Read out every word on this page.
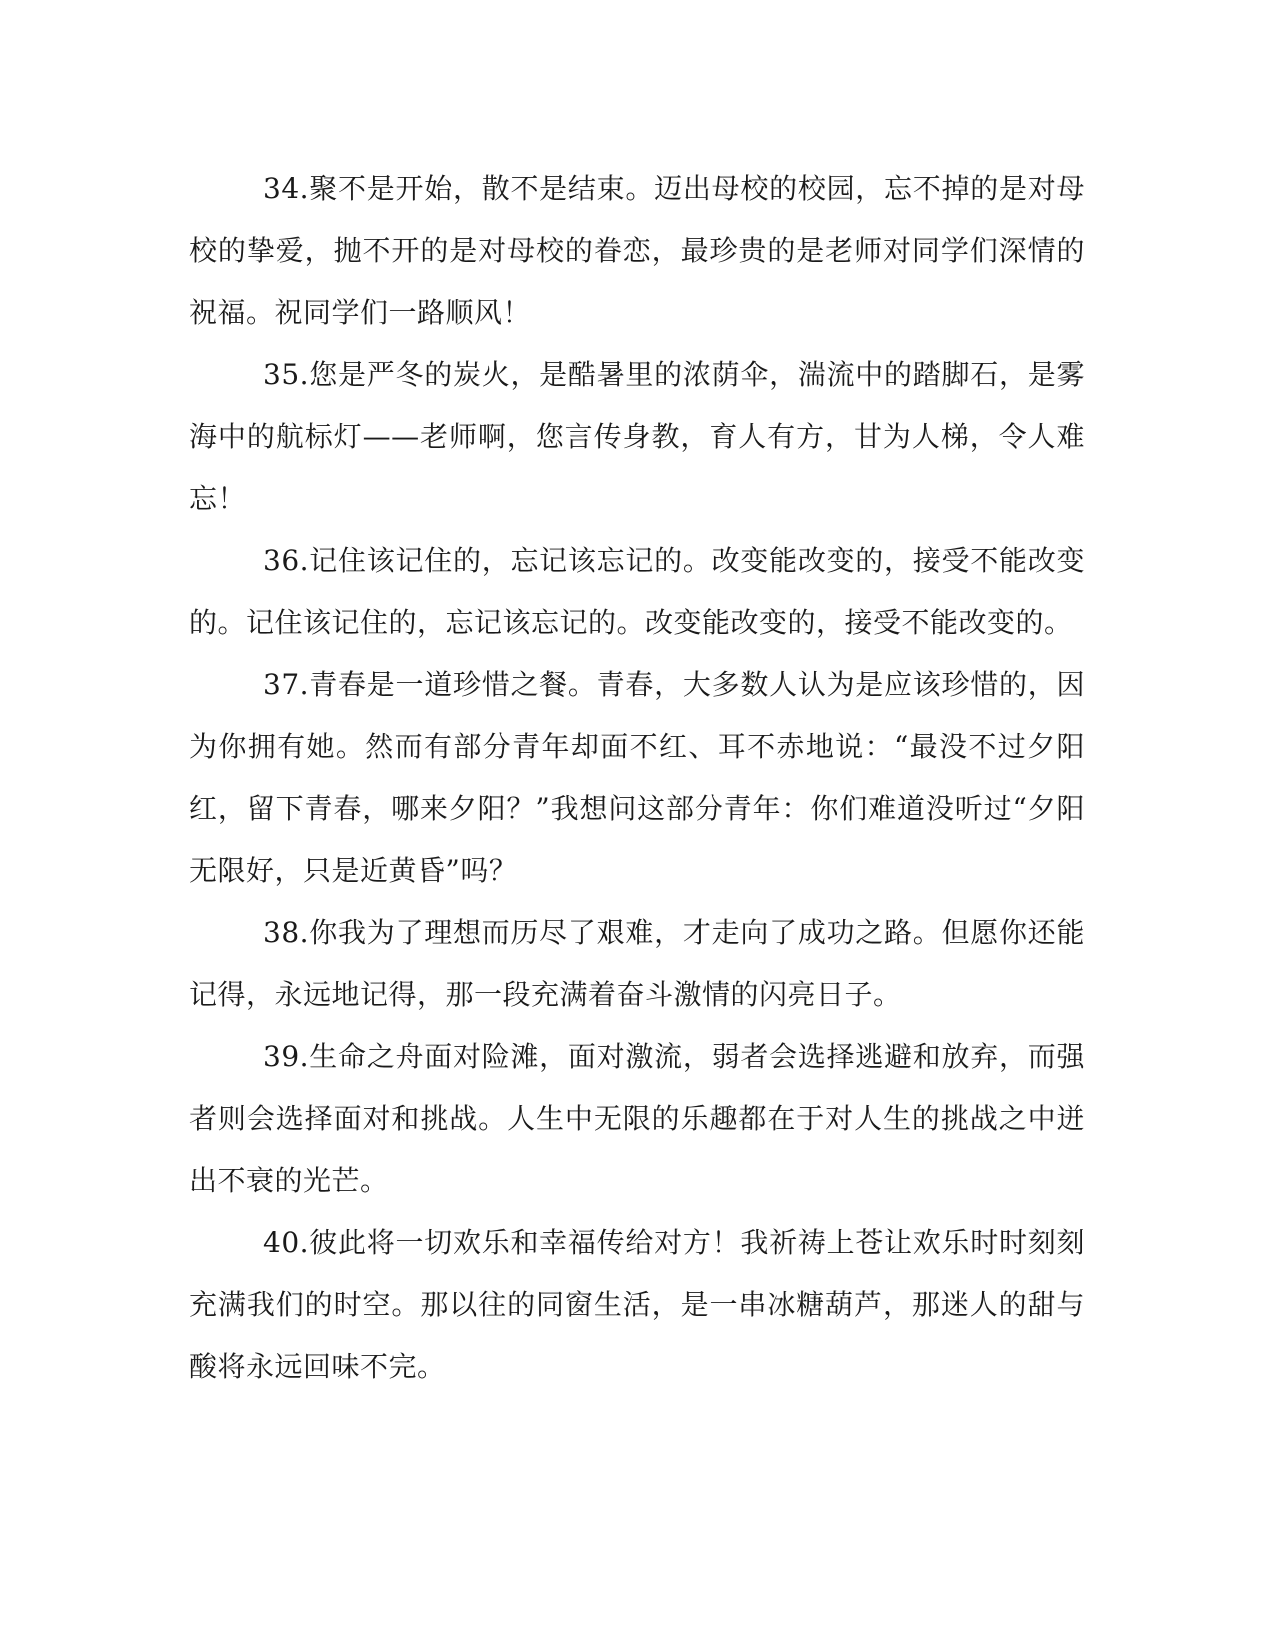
34.聚不是开始，散不是结束。迈出母校的校园，忘不掉的是对母校的挚爱，抛不开的是对母校的眷恋，最珍贵的是老师对同学们深情的祝福。祝同学们一路顺风！

35.您是严冬的炭火，是酷暑里的浓荫伞，湍流中的踏脚石，是雾海中的航标灯——老师啊，您言传身教，育人有方，甘为人梯，令人难忘！

36.记住该记住的，忘记该忘记的。改变能改变的，接受不能改变的。记住该记住的，忘记该忘记的。改变能改变的，接受不能改变的。

37.青春是一道珍惜之餐。青春，大多数人认为是应该珍惜的，因为你拥有她。然而有部分青年却面不红、耳不赤地说：“最没不过夕阳红，留下青春，哪来夕阳？”我想问这部分青年：你们难道没听过“夕阳无限好，只是近黄昏”吗？

38.你我为了理想而历尽了艰难，才走向了成功之路。但愿你还能记得，永远地记得，那一段充满着奋斗激情的闪亮日子。

39.生命之舟面对险滩，面对激流，弱者会选择逃避和放弃，而强者则会选择面对和挑战。人生中无限的乐趣都在于对人生的挑战之中迸出不衰的光芒。

40.彼此将一切欢乐和幸福传给对方！我祈祷上苍让欢乐时时刻刻充满我们的时空。那以往的同窗生活，是一串冰糖葫芦，那迷人的甜与酸将永远回味不完。
